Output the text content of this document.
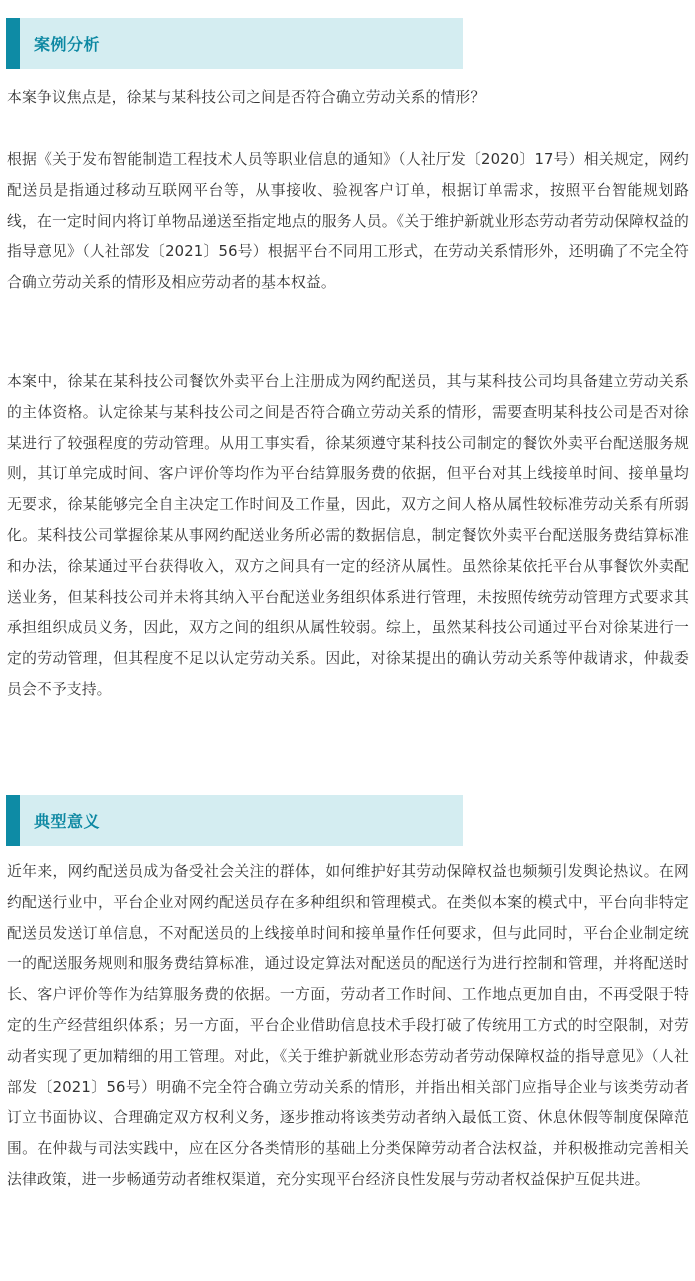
案例分析

本案争议焦点是，徐某与某科技公司之间是否符合确立劳动关系的情形？

根据《关于发布智能制造工程技术人员等职业信息的通知》（人社厅发〔2020〕17号）相关规定，网约配送员是指通过移动互联网平台等，从事接收、验视客户订单，根据订单需求，按照平台智能规划路线，在一定时间内将订单物品递送至指定地点的服务人员。《关于维护新就业形态劳动者劳动保障权益的指导意见》（人社部发〔2021〕56号）根据平台不同用工形式，在劳动关系情形外，还明确了不完全符合确立劳动关系的情形及相应劳动者的基本权益。

本案中，徐某在某科技公司餐饮外卖平台上注册成为网约配送员，其与某科技公司均具备建立劳动关系的主体资格。认定徐某与某科技公司之间是否符合确立劳动关系的情形，需要查明某科技公司是否对徐某进行了较强程度的劳动管理。从用工事实看，徐某须遵守某科技公司制定的餐饮外卖平台配送服务规则，其订单完成时间、客户评价等均作为平台结算服务费的依据，但平台对其上线接单时间、接单量均无要求，徐某能够完全自主决定工作时间及工作量，因此，双方之间人格从属性较标准劳动关系有所弱化。某科技公司掌握徐某从事网约配送业务所必需的数据信息，制定餐饮外卖平台配送服务费结算标准和办法，徐某通过平台获得收入，双方之间具有一定的经济从属性。虽然徐某依托平台从事餐饮外卖配送业务，但某科技公司并未将其纳入平台配送业务组织体系进行管理，未按照传统劳动管理方式要求其承担组织成员义务，因此，双方之间的组织从属性较弱。综上，虽然某科技公司通过平台对徐某进行一定的劳动管理，但其程度不足以认定劳动关系。因此，对徐某提出的确认劳动关系等仲裁请求，仲裁委员会不予支持。

典型意义

近年来，网约配送员成为备受社会关注的群体，如何维护好其劳动保障权益也频频引发舆论热议。在网约配送行业中，平台企业对网约配送员存在多种组织和管理模式。在类似本案的模式中，平台向非特定配送员发送订单信息，不对配送员的上线接单时间和接单量作任何要求，但与此同时，平台企业制定统一的配送服务规则和服务费结算标准，通过设定算法对配送员的配送行为进行控制和管理，并将配送时长、客户评价等作为结算服务费的依据。一方面，劳动者工作时间、工作地点更加自由，不再受限于特定的生产经营组织体系；另一方面，平台企业借助信息技术手段打破了传统用工方式的时空限制，对劳动者实现了更加精细的用工管理。对此，《关于维护新就业形态劳动者劳动保障权益的指导意见》（人社部发〔2021〕56号）明确不完全符合确立劳动关系的情形，并指出相关部门应指导企业与该类劳动者订立书面协议、合理确定双方权利义务，逐步推动将该类劳动者纳入最低工资、休息休假等制度保障范围。在仲裁与司法实践中，应在区分各类情形的基础上分类保障劳动者合法权益，并积极推动完善相关法律政策，进一步畅通劳动者维权渠道，充分实现平台经济良性发展与劳动者权益保护互促共进。
